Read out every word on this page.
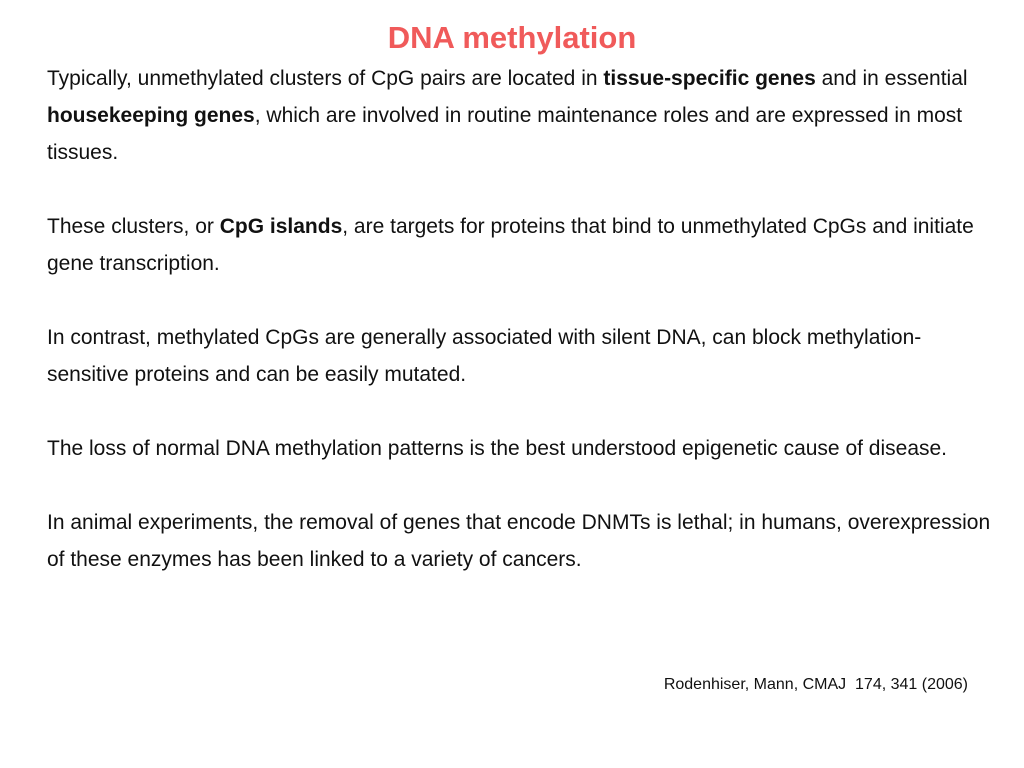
DNA methylation

Typically, unmethylated clusters of CpG pairs are located in tissue-specific genes and in essential housekeeping genes, which are involved in routine maintenance roles and are expressed in most tissues.

These clusters, or CpG islands, are targets for proteins that bind to unmethylated CpGs and initiate gene transcription.

In contrast, methylated CpGs are generally associated with silent DNA, can block methylation-sensitive proteins and can be easily mutated.

The loss of normal DNA methylation patterns is the best understood epigenetic cause of disease.

In animal experiments, the removal of genes that encode DNMTs is lethal; in humans, overexpression of these enzymes has been linked to a variety of cancers.

Rodenhiser, Mann, CMAJ  174, 341 (2006)
